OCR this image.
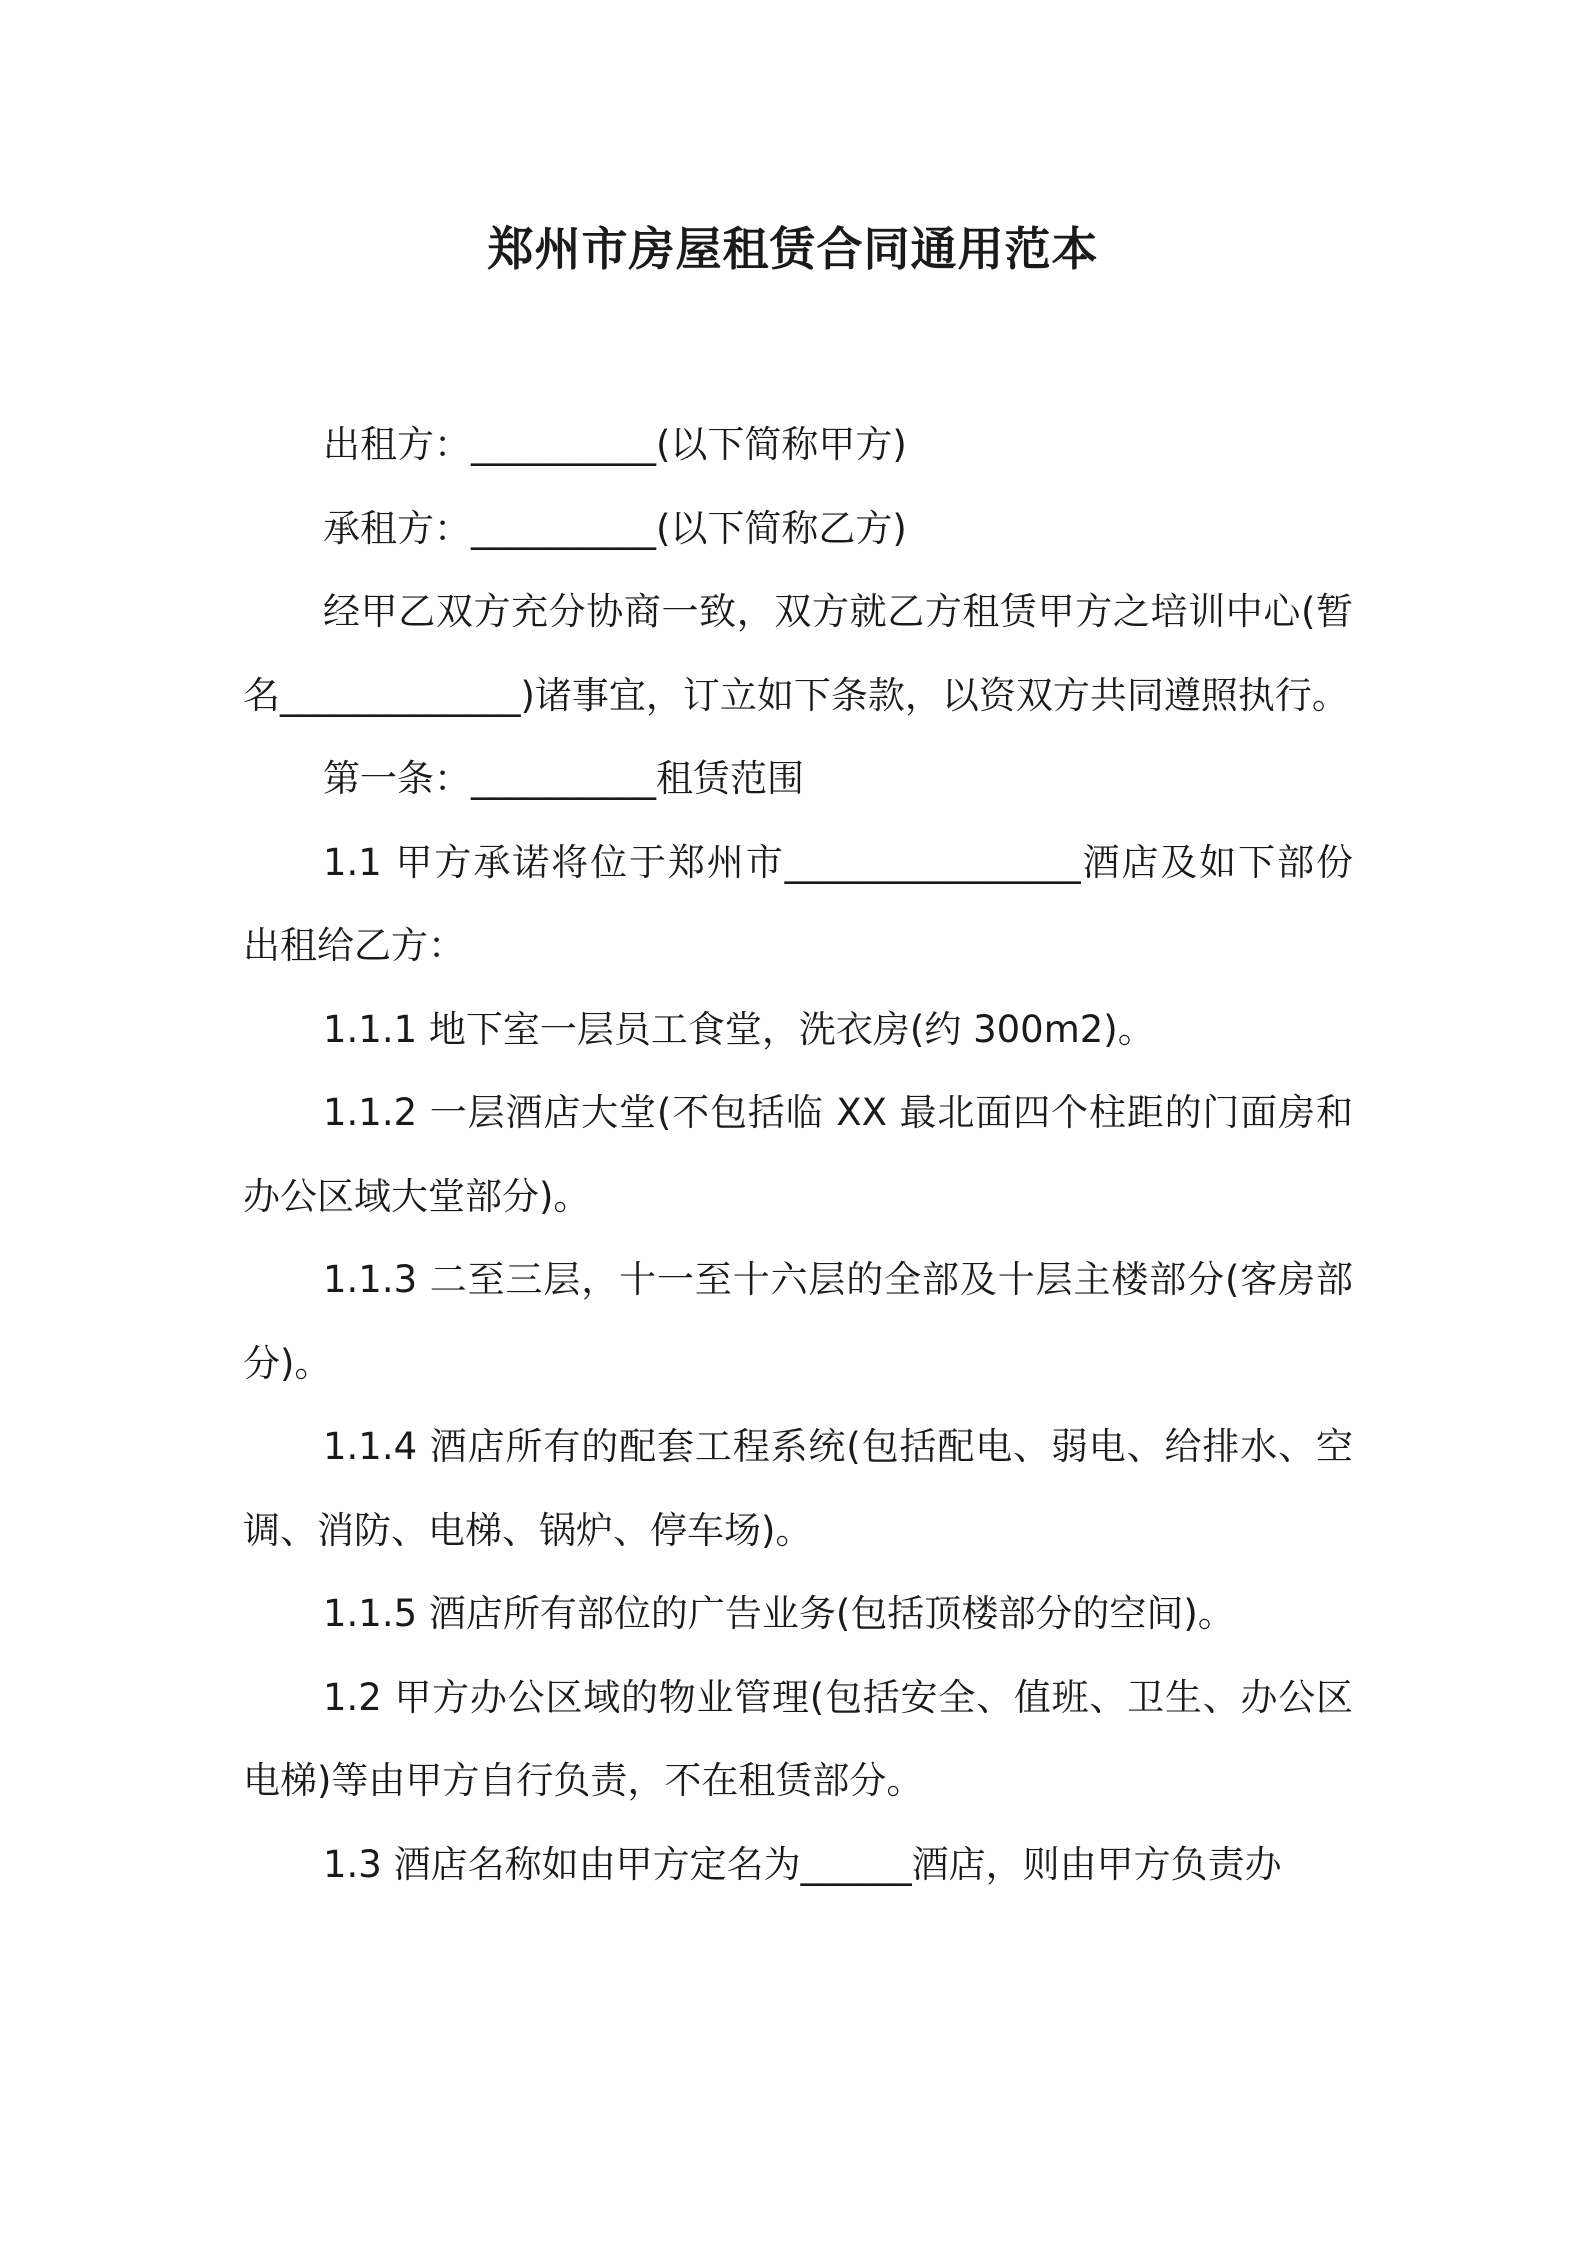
郑州市房屋租赁合同通用范本

出租方：__________(以下简称甲方)

承租方：__________(以下简称乙方)

经甲乙双方充分协商一致，双方就乙方租赁甲方之培训中心(暂名_____________)诸事宜，订立如下条款，以资双方共同遵照执行。

第一条：__________租赁范围

1.1 甲方承诺将位于郑州市________________酒店及如下部份出租给乙方：

1.1.1 地下室一层员工食堂，洗衣房(约 300m2)。

1.1.2 一层酒店大堂(不包括临 XX 最北面四个柱距的门面房和办公区域大堂部分)。

1.1.3 二至三层，十一至十六层的全部及十层主楼部分(客房部分)。

1.1.4 酒店所有的配套工程系统(包括配电、弱电、给排水、空调、消防、电梯、锅炉、停车场)。

1.1.5 酒店所有部位的广告业务(包括顶楼部分的空间)。

1.2 甲方办公区域的物业管理(包括安全、值班、卫生、办公区电梯)等由甲方自行负责，不在租赁部分。

1.3 酒店名称如由甲方定名为______酒店，则由甲方负责办
